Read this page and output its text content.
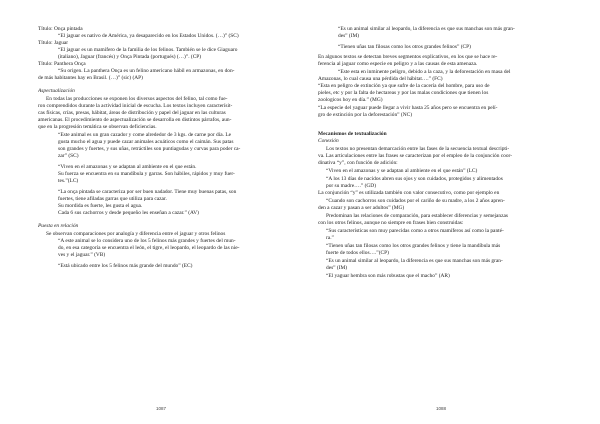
Título: Onça pintada
“El jaguar es nativo de América, ya desaparecido en los Estados Unidos. (…)” (SC)
Título: Jaguar
“El jaguar es un mamífero de la familia de los felinos. También se le dice Giaguaro
(italiano), Jaguar (francés) y Onça Pintada (portugués) (…)”. (CP)
Título: Panthera Onça
“Su origen. La panthera Onça es un felino americano hábil en armazonas, en don-
de más habitantes hay en Brasil. (…)” (sic) (AP)
Aspectualización
En todas las producciones se exponen los diversos aspectos del felino, tal como fue-
ron comprendidos durante la actividad inicial de escucha. Los textos incluyen caracterísit-
cas físicas, crías, presas, hábitat, áreas de distribución y papel del jaguar en las culturas
americanas. El procedimiento de aspectualización se desarrolla en distintos párrafos, aun-
que en la progresión temática se observan deficiencias.
“Este animal es un gran cazador y come alrededor de 3 kgs. de carne por día. Le
gusta mucho el agua y puede cazar animales acuáticos como el caimán. Sus patas
son grandes y fuertes, y sus uñas, retráctiles son puntiagudas y curvas para poder ca-
zar” (SC)
“Viven en el amazonas y se adaptan al ambiente en el que están.
Su fuerza se encuentra en su mandíbula y garras. Son hábiles, rápidos y muy fuer-
tes.”(LC)
“La onça pintada se caracteriza por ser buen nadador. Tiene muy buenas patas, son
fuertes, tiene afiladas garras que utiliza para cazar.
Su mordida es fuerte, les gusta el agua.
Cada 6 sus cachorros y desde pequeño les enseñan a cazar.” (AV)
Puesta en relación
Se observan comparaciones por analogía y diferencia entre el jaguar y otros felinos
“A este animal se lo considera uno de los 5 felinos más grandes y fuertes del mun-
do, en esa categoría se encuentra el león, el tigre, el leopardo, el leopardo de las nie-
ves y el jaguar.” (VB)
“Está ubicado entre los 5 felinos más grande del mundo” (EC)
1087
“Es un animal similar al leopardo, la diferencia es que sus manchas son más gran-
des” (IM)
“Tienen uñas tan filosas como los otros grandes felinos” (CP)
En algunos textos se detectan breves segmentos explicativos, en los que se hace re-
ferencia al jaguar como especie en peligro y a las causas de esta amenaza.
“Este esta en inminente peligro, debido a la caza, y la deforestación en masa del
Amazonas, lo cual causa una pérdida del hábitat….” (FC)
“Esta en peligro de extinción ya que sufre de la cacería del hombre, para uso de
pieles, etc y por la falta de hectareas y por las malas condiciones que tienen los
zoologicos hoy en día.” (MG)
“La especie del yaguar puede llegar a vivir hasta 25 años pero se encuentra en pelí-
gro de extinción por la deforestación” (NC)
Mecanismos de textualización
Conexión
Los textos no presentan demarcación entre las fases de la secuencia textual descripti-
va. Las articulaciones entre las frases se caracterizan por el empleo de la conjunción coor-
dinativa “y”, con función de adición:
“Viven en el amazonas y se adaptan al ambiente en el que están” (LC)
“A los 13 días de nacidos abren sus ojos y son cuidados, protegidos y alimentados
por su madre….” (GD)
La conjunción “y” es utilizada también con valor consecutivo, como por ejemplo en
“Cuando son cachorros son cuidados por el cariño de su madre, a los 2 años apren-
den a cazar y pasan a ser adultos” (MG)
Predominan las relaciones de comparación, para establecer diferencias y semejanzas
con los otros felinos, aunque no siempre en frases bien construidas:
“Sus características son muy parecidas como a otros mamíferos así como la panté-
ra.”
“Tienen uñas tan filosas como los otros grandes felinos y tiene la mandíbula más
fuerte de todos ellos….”(CP)
“Es un animal similar al leopardo, la diferencia es que sus manchas son más gran-
des” (IM)
“El yaguar hembra son más robustas que el macho” (AR)
1088
